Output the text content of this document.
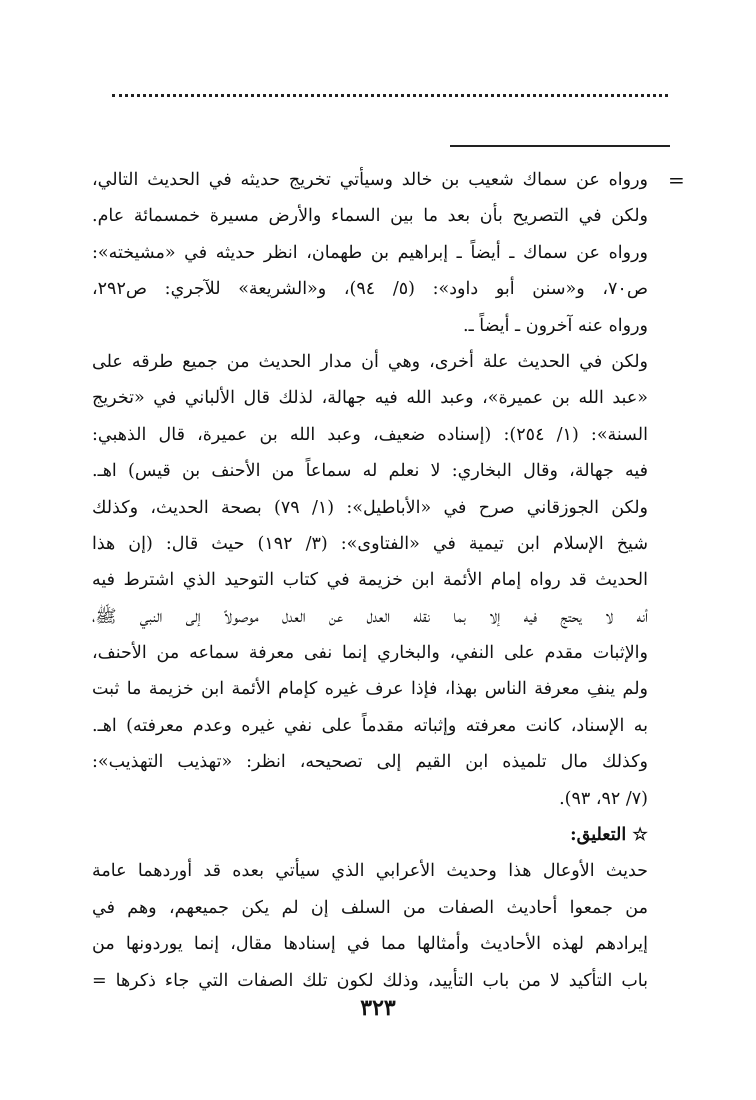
=
ورواه عن سماك شعيب بن خالد وسيأتي تخريج حديثه في الحديث التالي،
ولكن في التصريح بأن بعد ما بين السماء والأرض مسيرة خمسمائة عام.
ورواه عن سماك ـ أيضاً ـ إبراهيم بن طهمان، انظر حديثه في «مشيخته»:
ص٧٠، و«سنن أبو داود»: (٥/ ٩٤)، و«الشريعة» للآجري: ص٢٩٢،
ورواه عنه آخرون ـ أيضاً ـ.
ولكن في الحديث علة أخرى، وهي أن مدار الحديث من جميع طرقه على
«عبد الله بن عميرة»، وعبد الله فيه جهالة، لذلك قال الألباني في «تخريج
السنة»: (١/ ٢٥٤): (إسناده ضعيف، وعبد الله بن عميرة، قال الذهبي:
فيه جهالة، وقال البخاري: لا نعلم له سماعاً من الأحنف بن قيس) اهـ.
ولكن الجوزقاني صرح في «الأباطيل»: (١/ ٧٩) بصحة الحديث، وكذلك
شيخ الإسلام ابن تيمية في «الفتاوى»: (٣/ ١٩٢) حيث قال: (إن هذا
الحديث قد رواه إمام الأئمة ابن خزيمة في كتاب التوحيد الذي اشترط فيه
أنه لا يحتج فيه إلا بما نقله العدل عن العدل موصولاً إلى النبي ﷺ،
والإثبات مقدم على النفي، والبخاري إنما نفى معرفة سماعه من الأحنف،
ولم ينفِ معرفة الناس بهذا، فإذا عرف غيره كإمام الأئمة ابن خزيمة ما ثبت
به الإسناد، كانت معرفته وإثباته مقدماً على نفي غيره وعدم معرفته) اهـ.
وكذلك مال تلميذه ابن القيم إلى تصحيحه، انظر: «تهذيب التهذيب»:
(٧/ ٩٢، ٩٣).
☆ التعليق:
حديث الأوعال هذا وحديث الأعرابي الذي سيأتي بعده قد أوردهما عامة
من جمعوا أحاديث الصفات من السلف إن لم يكن جميعهم، وهم في
إيرادهم لهذه الأحاديث وأمثالها مما في إسنادها مقال، إنما يوردونها من
باب التأكيد لا من باب التأييد، وذلك لكون تلك الصفات التي جاء ذكرها =
٣٢٣
